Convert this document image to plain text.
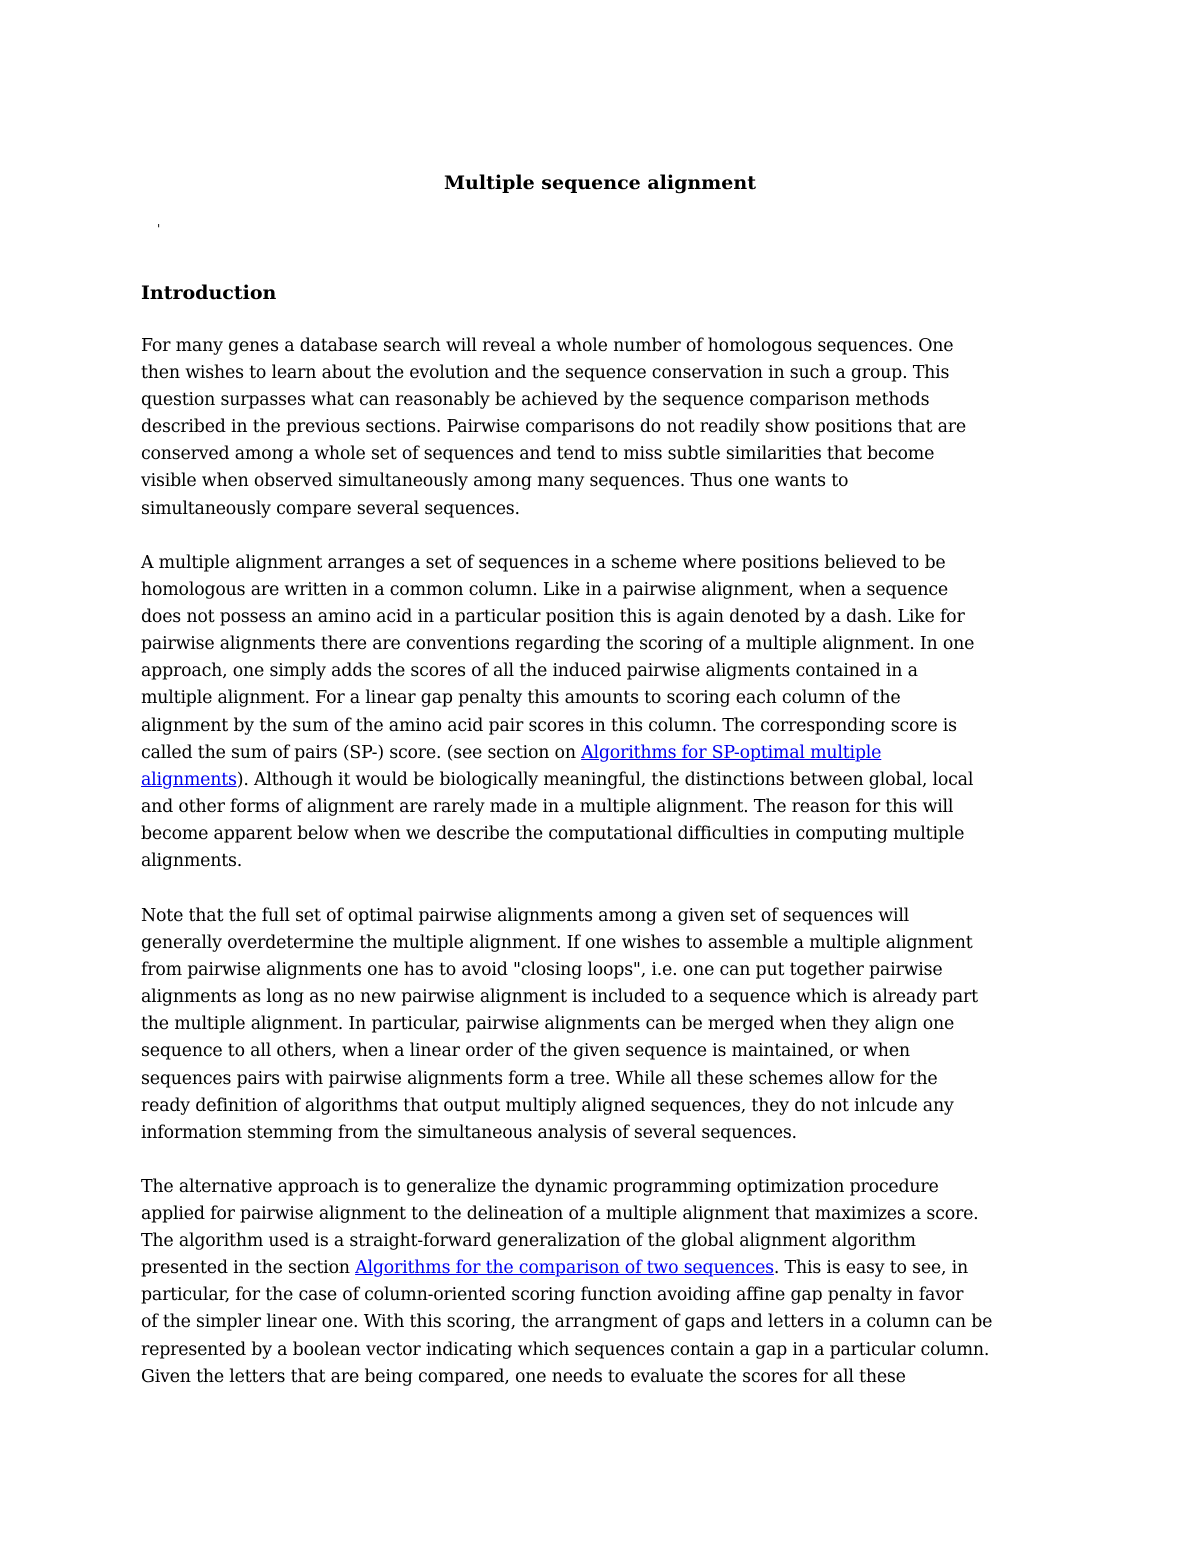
Multiple sequence alignment
'
Introduction
For many genes a database search will reveal a whole number of homologous sequences. One
then wishes to learn about the evolution and the sequence conservation in such a group. This
question surpasses what can reasonably be achieved by the sequence comparison methods
described in the previous sections. Pairwise comparisons do not readily show positions that are
conserved among a whole set of sequences and tend to miss subtle similarities that become
visible when observed simultaneously among many sequences. Thus one wants to
simultaneously compare several sequences.
A multiple alignment arranges a set of sequences in a scheme where positions believed to be
homologous are written in a common column. Like in a pairwise alignment, when a sequence
does not possess an amino acid in a particular position this is again denoted by a dash. Like for
pairwise alignments there are conventions regarding the scoring of a multiple alignment. In one
approach, one simply adds the scores of all the induced pairwise aligments contained in a
multiple alignment. For a linear gap penalty this amounts to scoring each column of the
alignment by the sum of the amino acid pair scores in this column. The corresponding score is
called the sum of pairs (SP-) score. (see section on Algorithms for SP-optimal multiple
alignments). Although it would be biologically meaningful, the distinctions between global, local
and other forms of alignment are rarely made in a multiple alignment. The reason for this will
become apparent below when we describe the computational difficulties in computing multiple
alignments.
Note that the full set of optimal pairwise alignments among a given set of sequences will
generally overdetermine the multiple alignment. If one wishes to assemble a multiple alignment
from pairwise alignments one has to avoid "closing loops", i.e. one can put together pairwise
alignments as long as no new pairwise alignment is included to a sequence which is already part
the multiple alignment. In particular, pairwise alignments can be merged when they align one
sequence to all others, when a linear order of the given sequence is maintained, or when
sequences pairs with pairwise alignments form a tree. While all these schemes allow for the
ready definition of algorithms that output multiply aligned sequences, they do not inlcude any
information stemming from the simultaneous analysis of several sequences.
The alternative approach is to generalize the dynamic programming optimization procedure
applied for pairwise alignment to the delineation of a multiple alignment that maximizes a score.
The algorithm used is a straight-forward generalization of the global alignment algorithm
presented in the section Algorithms for the comparison of two sequences. This is easy to see, in
particular, for the case of column-oriented scoring function avoiding affine gap penalty in favor
of the simpler linear one. With this scoring, the arrangment of gaps and letters in a column can be
represented by a boolean vector indicating which sequences contain a gap in a particular column.
Given the letters that are being compared, one needs to evaluate the scores for all these
